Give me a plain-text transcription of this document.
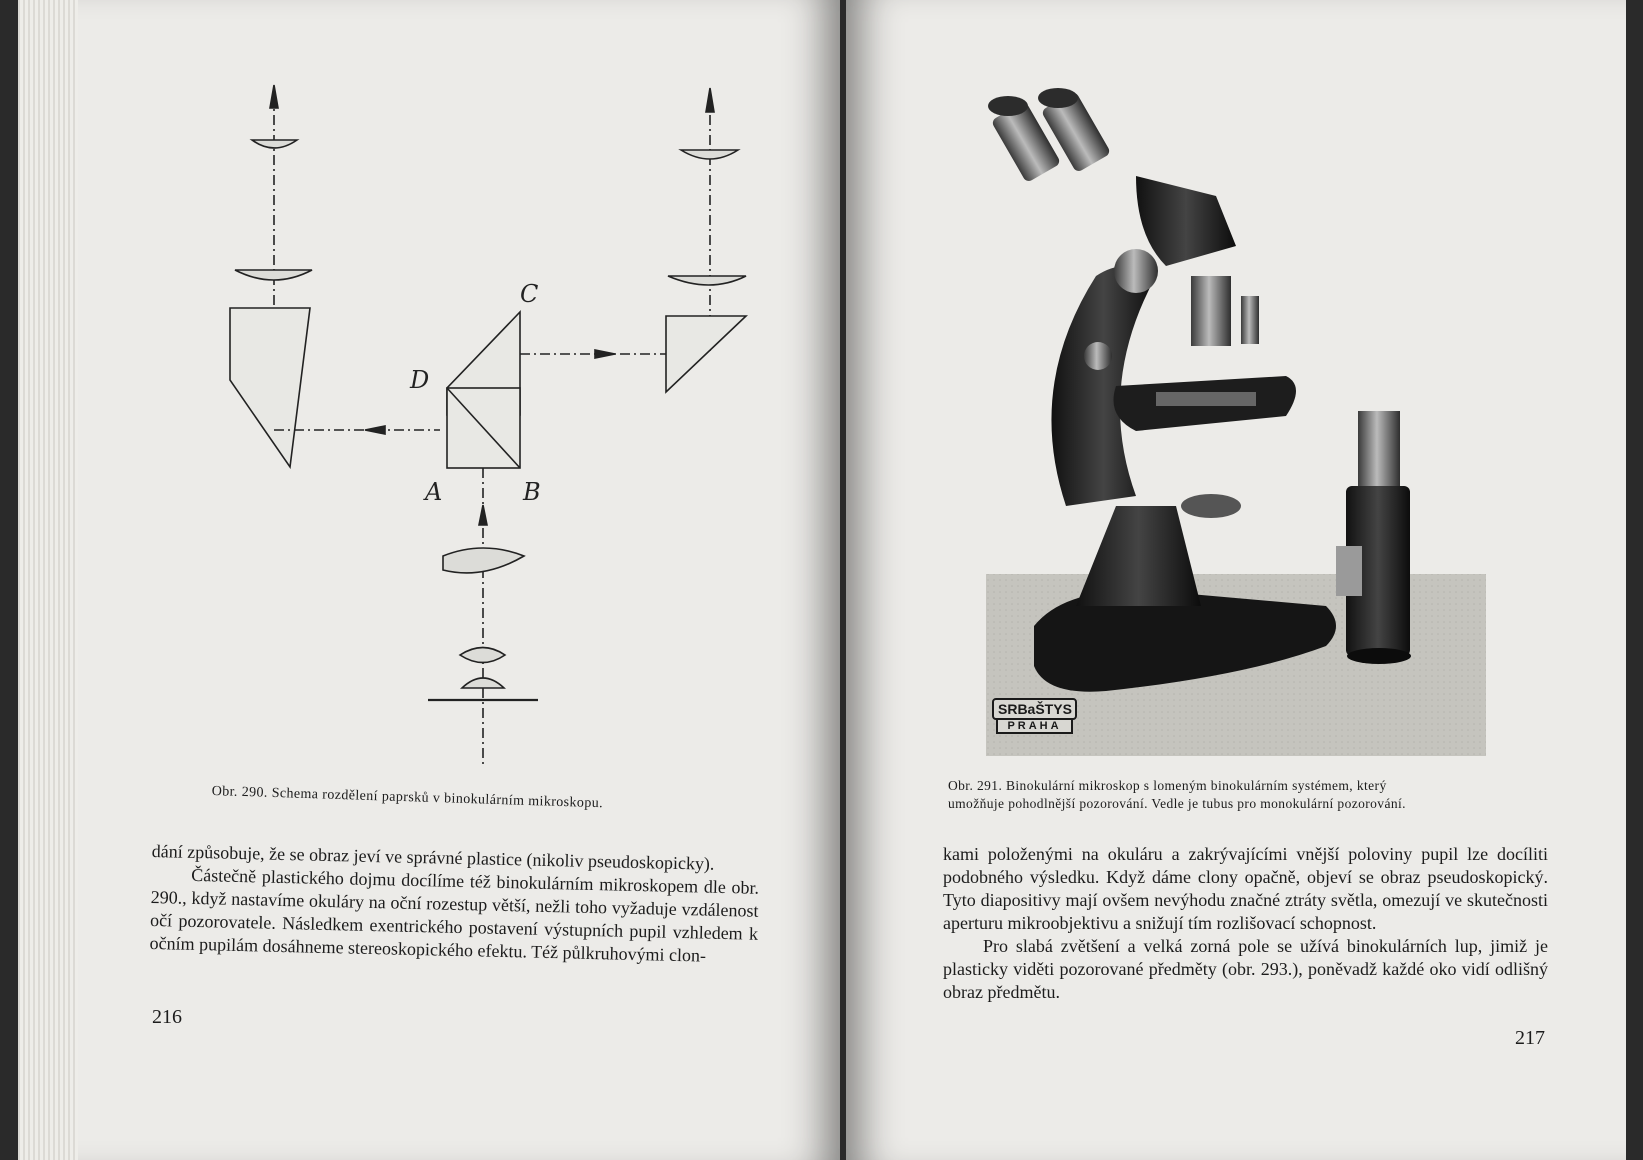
C
D
A	B

Obr. 290. Schema rozdělení paprsků v binokulárním mikroskopu.

dání způsobuje, že se obraz jeví ve správné plastice (nikoliv pseudoskopicky).

Částečně plastického dojmu docílíme též binokulárním mikroskopem dle obr. 290., když nastavíme okuláry na oční rozestup větší, nežli toho vyžaduje vzdálenost očí pozorovatele. Následkem exentrického postavení výstupních pupil vzhledem k očním pupilám dosáhneme stereoskopického efektu. Též půlkruhovými clon-

216
SRBaŠTYS
PRAHA

Obr. 291. Binokulární mikroskop s lomeným binokulárním systémem, který

umožňuje pohodlnější pozorování. Vedle je tubus pro monokulární pozorování.

kami položenými na okuláru a zakrývajícími vnější poloviny pupil lze docíliti podobného výsledku. Když dáme clony opačně, objeví se obraz pseudoskopický. Tyto diapositivy mají ovšem nevýhodu značné ztráty světla, omezují ve skutečnosti aperturu mikroobjektivu a snižují tím rozlišovací schopnost.

Pro slabá zvětšení a velká zorná pole se užívá binokulárních lup, jimiž je plasticky viděti pozorované předměty (obr. 293.), poněvadž každé oko vidí odlišný obraz předmětu.

217
